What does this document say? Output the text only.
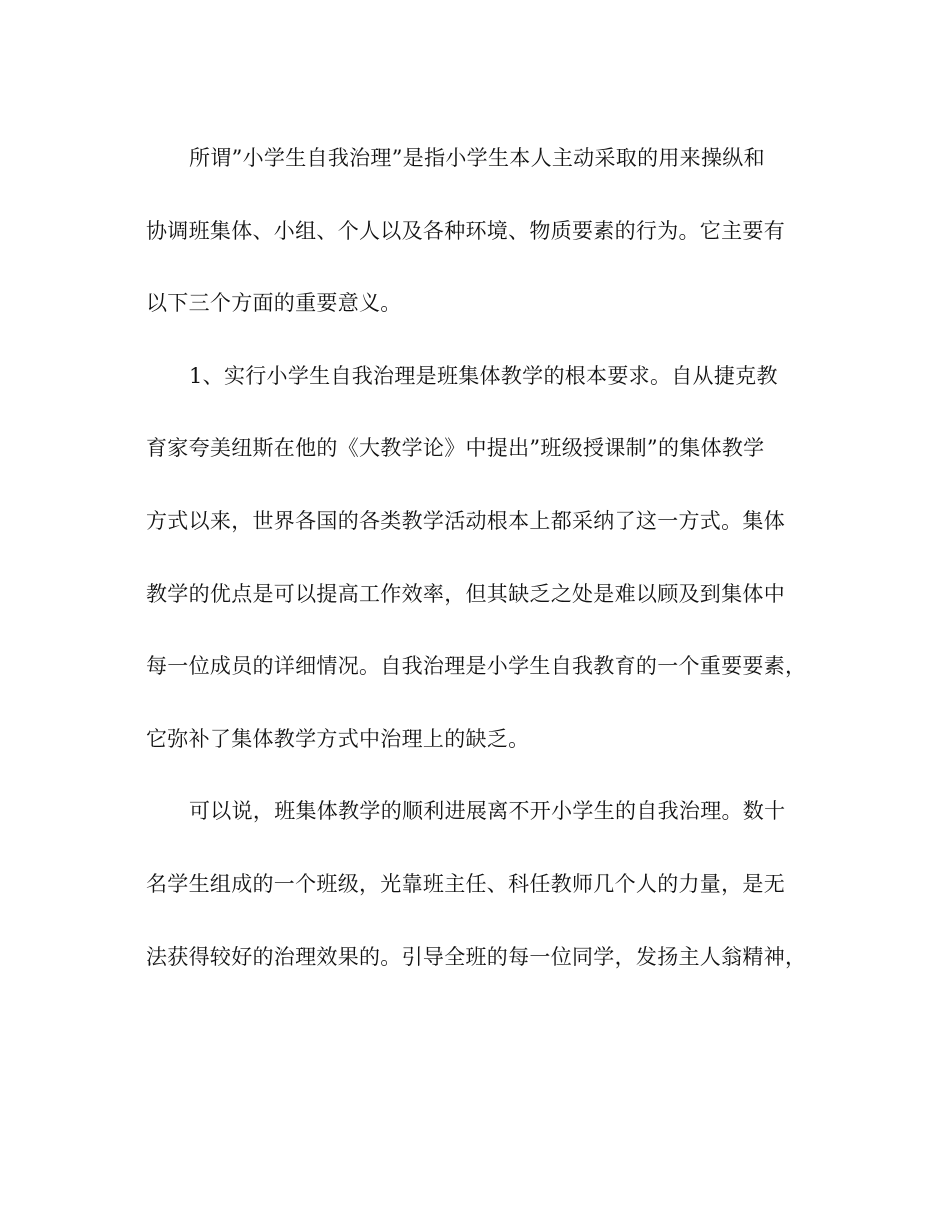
所谓”小学生自我治理”是指小学生本人主动采取的用来操纵和
协调班集体、小组、个人以及各种环境、物质要素的行为。它主要有
以下三个方面的重要意义。
1、实行小学生自我治理是班集体教学的根本要求。自从捷克教
育家夸美纽斯在他的《大教学论》中提出”班级授课制”的集体教学
方式以来，世界各国的各类教学活动根本上都采纳了这一方式。集体
教学的优点是可以提高工作效率，但其缺乏之处是难以顾及到集体中
每一位成员的详细情况。自我治理是小学生自我教育的一个重要要素，
它弥补了集体教学方式中治理上的缺乏。
可以说，班集体教学的顺利进展离不开小学生的自我治理。数十
名学生组成的一个班级，光靠班主任、科任教师几个人的力量，是无
法获得较好的治理效果的。引导全班的每一位同学，发扬主人翁精神，
